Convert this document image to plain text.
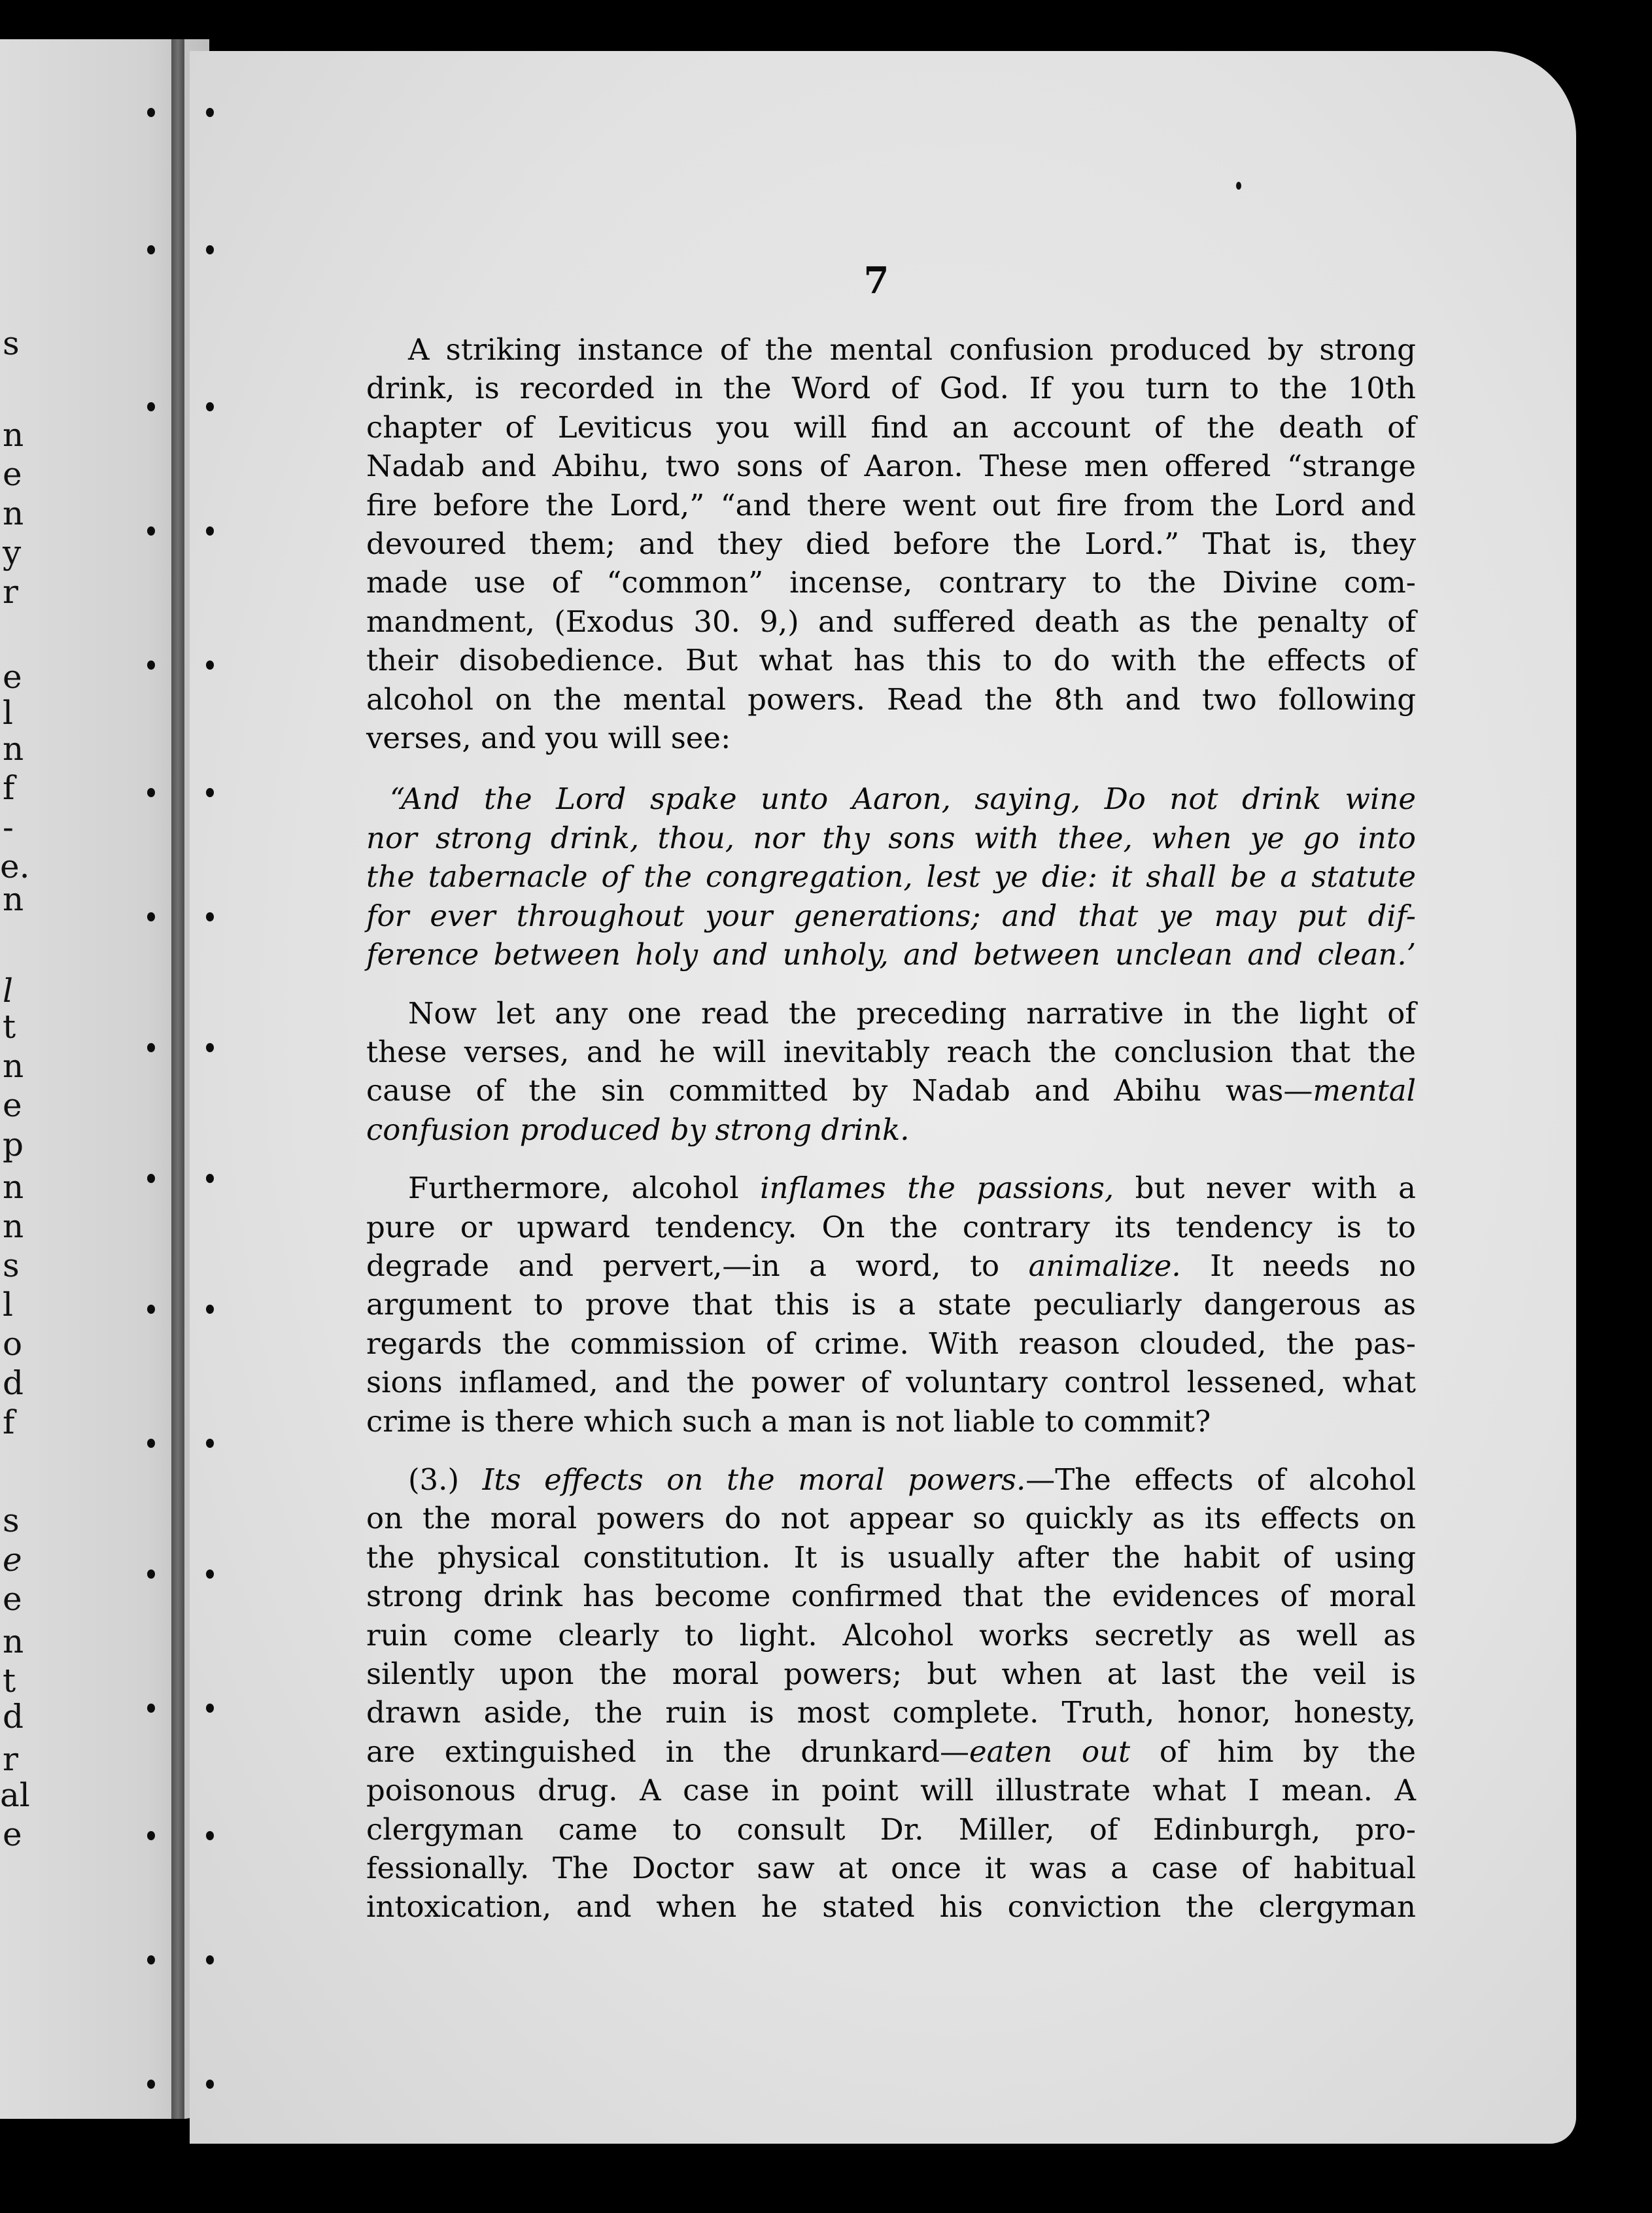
s
n
e
n
y
r
e
l
n
f
-
e.
n
l
t
n
e
p
n
n
s
l
o
d
f
s
e
e
n
t
d
r
al
e
7

A striking instance of the mental confusion produced by strong
drink, is recorded in the Word of God. If you turn to the 10th
chapter of Leviticus you will find an account of the death of
Nadab and Abihu, two sons of Aaron. These men offered “strange
fire before the Lord,” “and there went out fire from the Lord and
devoured them; and they died before the Lord.” That is, they
made use of “common” incense, contrary to the Divine com-
mandment, (Exodus 30. 9,) and suffered death as the penalty of
their disobedience. But what has this to do with the effects of
alcohol on the mental powers. Read the 8th and two following
verses, and you will see:

“And the Lord spake unto Aaron, saying, Do not drink wine
nor strong drink, thou, nor thy sons with thee, when ye go into
the tabernacle of the congregation, lest ye die: it shall be a statute
for ever throughout your generations; and that ye may put dif-
ference between holy and unholy, and between unclean and clean.’

Now let any one read the preceding narrative in the light of
these verses, and he will inevitably reach the conclusion that the
cause of the sin committed by Nadab and Abihu was—mental
confusion produced by strong drink.

Furthermore, alcohol inflames the passions, but never with a
pure or upward tendency. On the contrary its tendency is to
degrade and pervert,—in a word, to animalize. It needs no
argument to prove that this is a state peculiarly dangerous as
regards the commission of crime. With reason clouded, the pas-
sions inflamed, and the power of voluntary control lessened, what
crime is there which such a man is not liable to commit?

(3.) Its effects on the moral powers.—The effects of alcohol
on the moral powers do not appear so quickly as its effects on
the physical constitution. It is usually after the habit of using
strong drink has become confirmed that the evidences of moral
ruin come clearly to light. Alcohol works secretly as well as
silently upon the moral powers; but when at last the veil is
drawn aside, the ruin is most complete. Truth, honor, honesty,
are extinguished in the drunkard—eaten out of him by the
poisonous drug. A case in point will illustrate what I mean. A
clergyman came to consult Dr. Miller, of Edinburgh, pro-
fessionally. The Doctor saw at once it was a case of habitual
intoxication, and when he stated his conviction the clergyman
